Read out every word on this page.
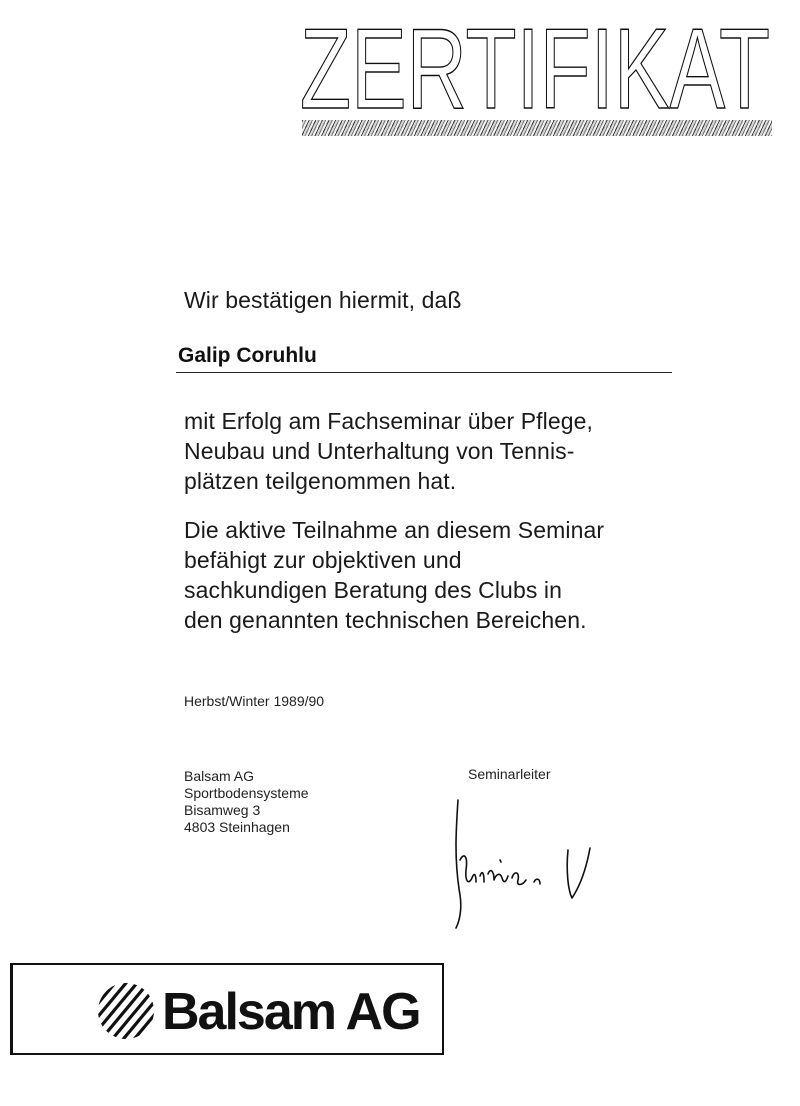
ZERTIFIKAT
Wir bestätigen hiermit, daß
Galip Coruhlu
mit Erfolg am Fachseminar über Pflege,
Neubau und Unterhaltung von Tennis-
plätzen teilgenommen hat.
Die aktive Teilnahme an diesem Seminar
befähigt zur objektiven und
sachkundigen Beratung des Clubs in
den genannten technischen Bereichen.
Herbst/Winter 1989/90
Balsam AG
Sportbodensysteme
Bisamweg 3
4803 Steinhagen
Seminarleiter
Balsam AG
